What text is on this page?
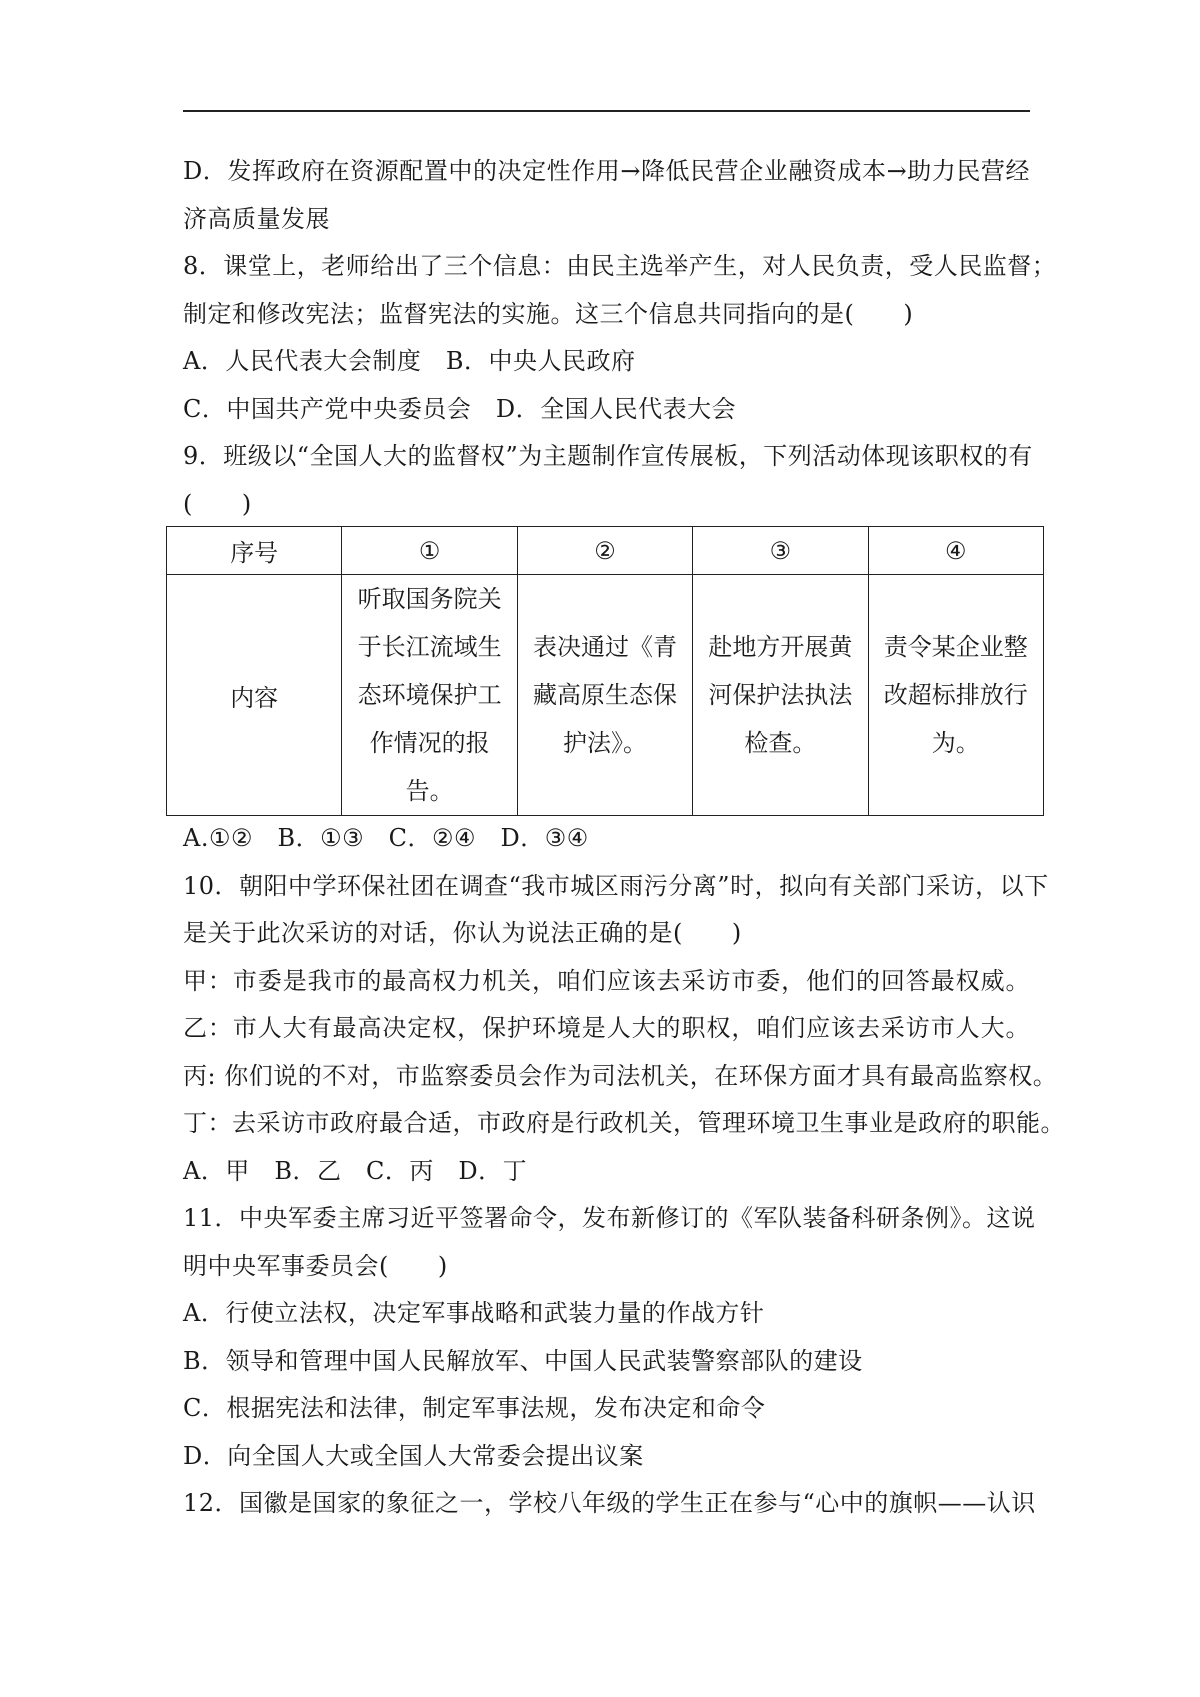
D．发挥政府在资源配置中的决定性作用→降低民营企业融资成本→助力民营经
济高质量发展
8．课堂上，老师给出了三个信息：由民主选举产生，对人民负责，受人民监督；
制定和修改宪法；监督宪法的实施。这三个信息共同指向的是(　　)
A．人民代表大会制度　B．中央人民政府
C．中国共产党中央委员会　D．全国人民代表大会
9．班级以“全国人大的监督权”为主题制作宣传展板，下列活动体现该职权的有
(　　)
序号	①	②	③	④
内容	听取国务院关于长江流域生态环境保护工作情况的报告。	表决通过《青藏高原生态保护法》。	赴地方开展黄河保护法执法检查。	责令某企业整改超标排放行为。
A.①②　B．①③　C．②④　D．③④
10．朝阳中学环保社团在调查“我市城区雨污分离”时，拟向有关部门采访，以下
是关于此次采访的对话，你认为说法正确的是(　　)
甲：市委是我市的最高权力机关，咱们应该去采访市委，他们的回答最权威。
乙：市人大有最高决定权，保护环境是人大的职权，咱们应该去采访市人大。
丙: 你们说的不对，市监察委员会作为司法机关，在环保方面才具有最高监察权。
丁：去采访市政府最合适，市政府是行政机关，管理环境卫生事业是政府的职能。
A．甲　B．乙　C．丙　D．丁
11．中央军委主席习近平签署命令，发布新修订的《军队装备科研条例》。这说
明中央军事委员会(　　)
A．行使立法权，决定军事战略和武装力量的作战方针
B．领导和管理中国人民解放军、中国人民武装警察部队的建设
C．根据宪法和法律，制定军事法规，发布决定和命令
D．向全国人大或全国人大常委会提出议案
12．国徽是国家的象征之一，学校八年级的学生正在参与“心中的旗帜——认识
